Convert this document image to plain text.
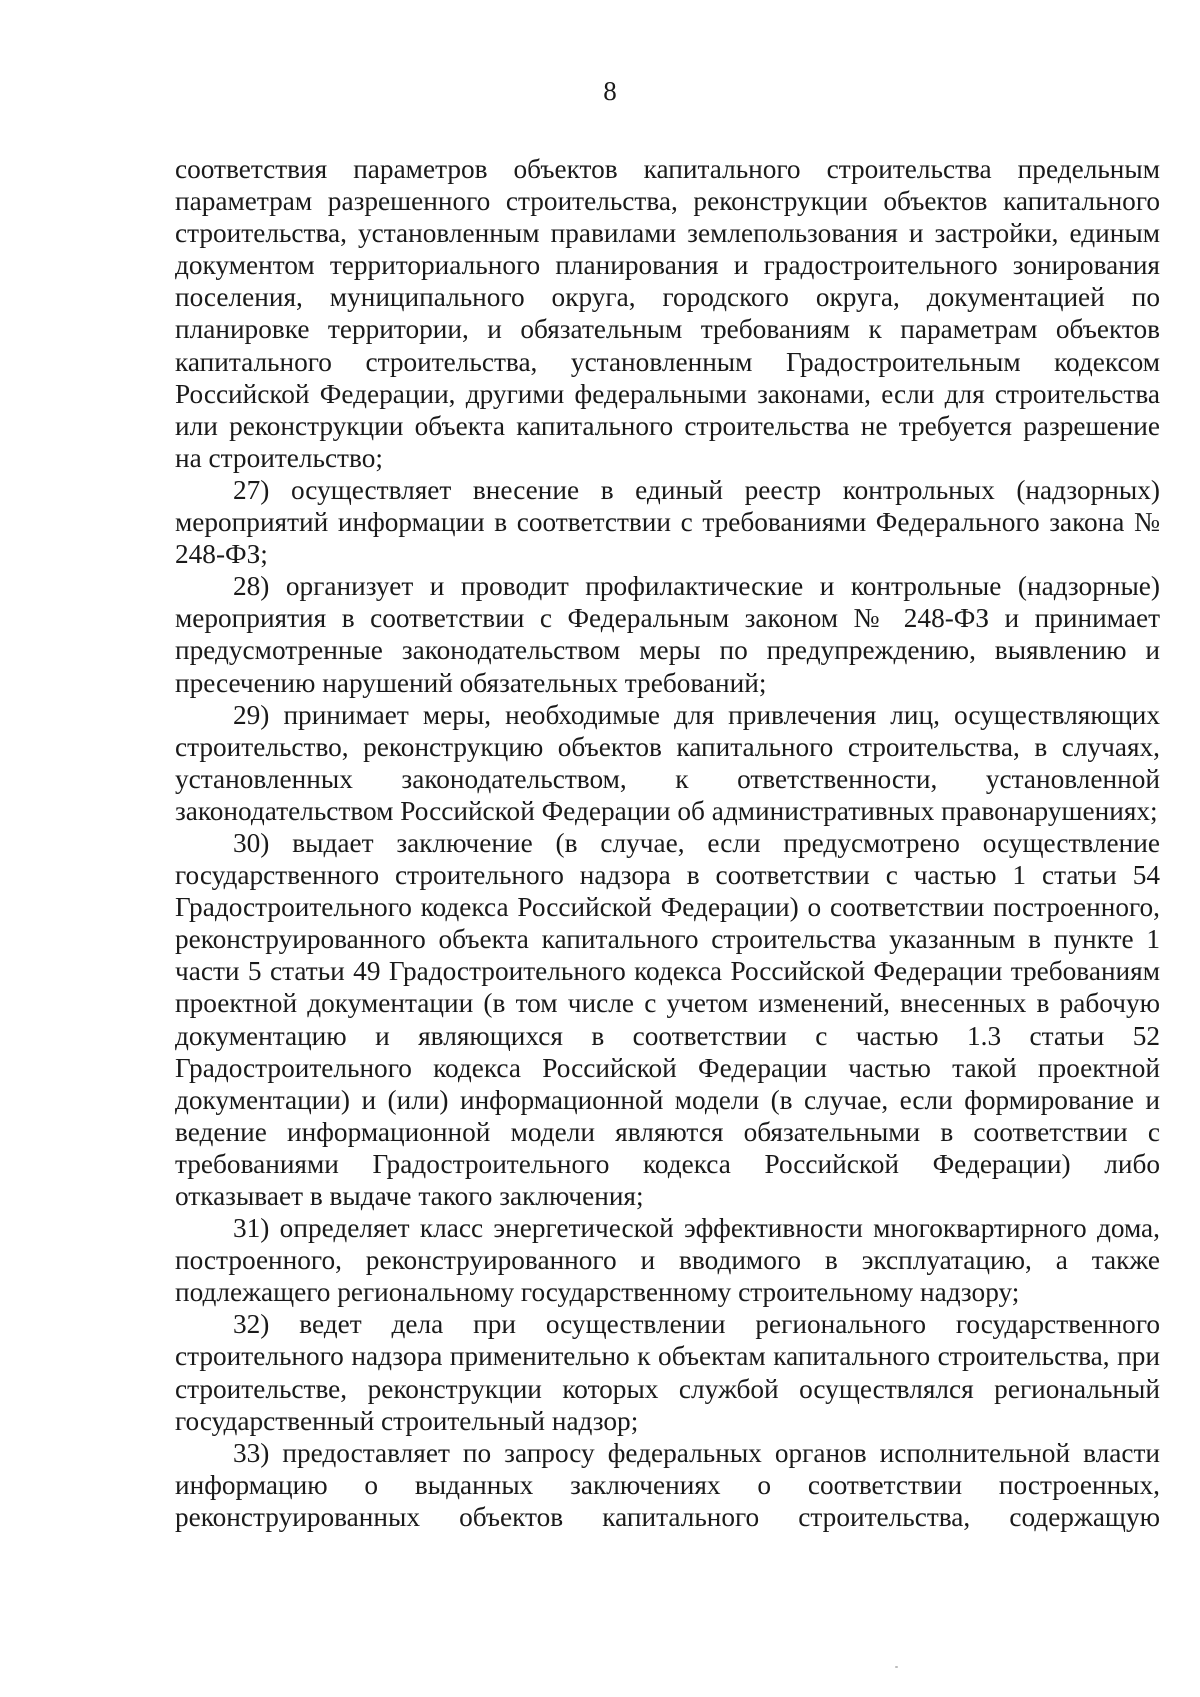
8

соответствия параметров объектов капитального строительства предельным параметрам разрешенного строительства, реконструкции объектов капитального строительства, установленным правилами землепользования и застройки, единым документом территориального планирования и градостроительного зонирования поселения, муниципального округа, городского округа, документацией по планировке территории, и обязательным требованиям к параметрам объектов капитального строительства, установленным Градостроительным кодексом Российской Федерации, другими федеральными законами, если для строительства или реконструкции объекта капитального строительства не требуется разрешение на строительство;

27) осуществляет внесение в единый реестр контрольных (надзорных) мероприятий информации в соответствии с требованиями Федерального закона № 248-ФЗ;

28) организует и проводит профилактические и контрольные (надзорные) мероприятия в соответствии с Федеральным законом № 248-ФЗ и принимает предусмотренные законодательством меры по предупреждению, выявлению и пресечению нарушений обязательных требований;

29) принимает меры, необходимые для привлечения лиц, осуществляющих строительство, реконструкцию объектов капитального строительства, в случаях, установленных законодательством, к ответственности, установленной законодательством Российской Федерации об административных правонарушениях;

30) выдает заключение (в случае, если предусмотрено осуществление государственного строительного надзора в соответствии с частью 1 статьи 54 Градостроительного кодекса Российской Федерации) о соответствии построенного, реконструированного объекта капитального строительства указанным в пункте 1 части 5 статьи 49 Градостроительного кодекса Российской Федерации требованиям проектной документации (в том числе с учетом изменений, внесенных в рабочую документацию и являющихся в соответствии с частью 1.3 статьи 52 Градостроительного кодекса Российской Федерации частью такой проектной документации) и (или) информационной модели (в случае, если формирование и ведение информационной модели являются обязательными в соответствии с требованиями Градостроительного кодекса Российской Федерации) либо отказывает в выдаче такого заключения;

31) определяет класс энергетической эффективности многоквартирного дома, построенного, реконструированного и вводимого в эксплуатацию, а также подлежащего региональному государственному строительному надзору;

32) ведет дела при осуществлении регионального государственного строительного надзора применительно к объектам капитального строительства, при строительстве, реконструкции которых службой осуществлялся региональный государственный строительный надзор;

33) предоставляет по запросу федеральных органов исполнительной власти информацию о выданных заключениях о соответствии построенных, реконструированных объектов капитального строительства, содержащую
